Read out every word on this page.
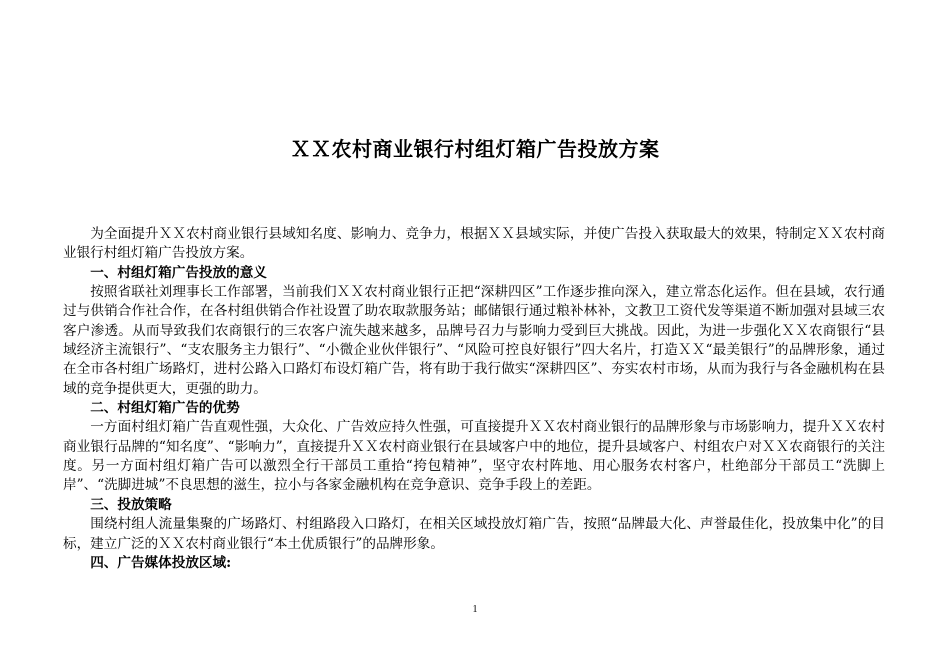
ＸＸ农村商业银行村组灯箱广告投放方案

为全面提升ＸＸ农村商业银行县域知名度、影响力、竞争力，根据ＸＸ县域实际，并使广告投入获取最大的效果，特制定ＸＸ农村商业银行村组灯箱广告投放方案。

一、村组灯箱广告投放的意义

按照省联社刘理事长工作部署，当前我们ＸＸ农村商业银行正把“深耕四区”工作逐步推向深入，建立常态化运作。但在县域，农行通过与供销合作社合作，在各村组供销合作社设置了助农取款服务站；邮储银行通过粮补林补，文教卫工资代发等渠道不断加强对县域三农客户渗透。从而导致我们农商银行的三农客户流失越来越多，品牌号召力与影响力受到巨大挑战。因此，为进一步强化ＸＸ农商银行“县域经济主流银行”、“支农服务主力银行”、“小微企业伙伴银行”、“风险可控良好银行”四大名片，打造ＸＸ“最美银行”的品牌形象，通过在全市各村组广场路灯，进村公路入口路灯布设灯箱广告，将有助于我行做实“深耕四区”、夯实农村市场，从而为我行与各金融机构在县域的竞争提供更大，更强的助力。

二、村组灯箱广告的优势

一方面村组灯箱广告直观性强，大众化、广告效应持久性强，可直接提升ＸＸ农村商业银行的品牌形象与市场影响力，提升ＸＸ农村商业银行品牌的“知名度”、“影响力”，直接提升ＸＸ农村商业银行在县域客户中的地位，提升县域客户、村组农户对ＸＸ农商银行的关注度。另一方面村组灯箱广告可以激烈全行干部员工重拾“挎包精神”，坚守农村阵地、用心服务农村客户，杜绝部分干部员工“洗脚上岸”、“洗脚进城”不良思想的滋生，拉小与各家金融机构在竞争意识、竞争手段上的差距。

三、投放策略

围绕村组人流量集聚的广场路灯、村组路段入口路灯，在相关区域投放灯箱广告，按照“品牌最大化、声誉最佳化，投放集中化”的目标，建立广泛的ＸＸ农村商业银行“本土优质银行”的品牌形象。

四、广告媒体投放区域:

1
